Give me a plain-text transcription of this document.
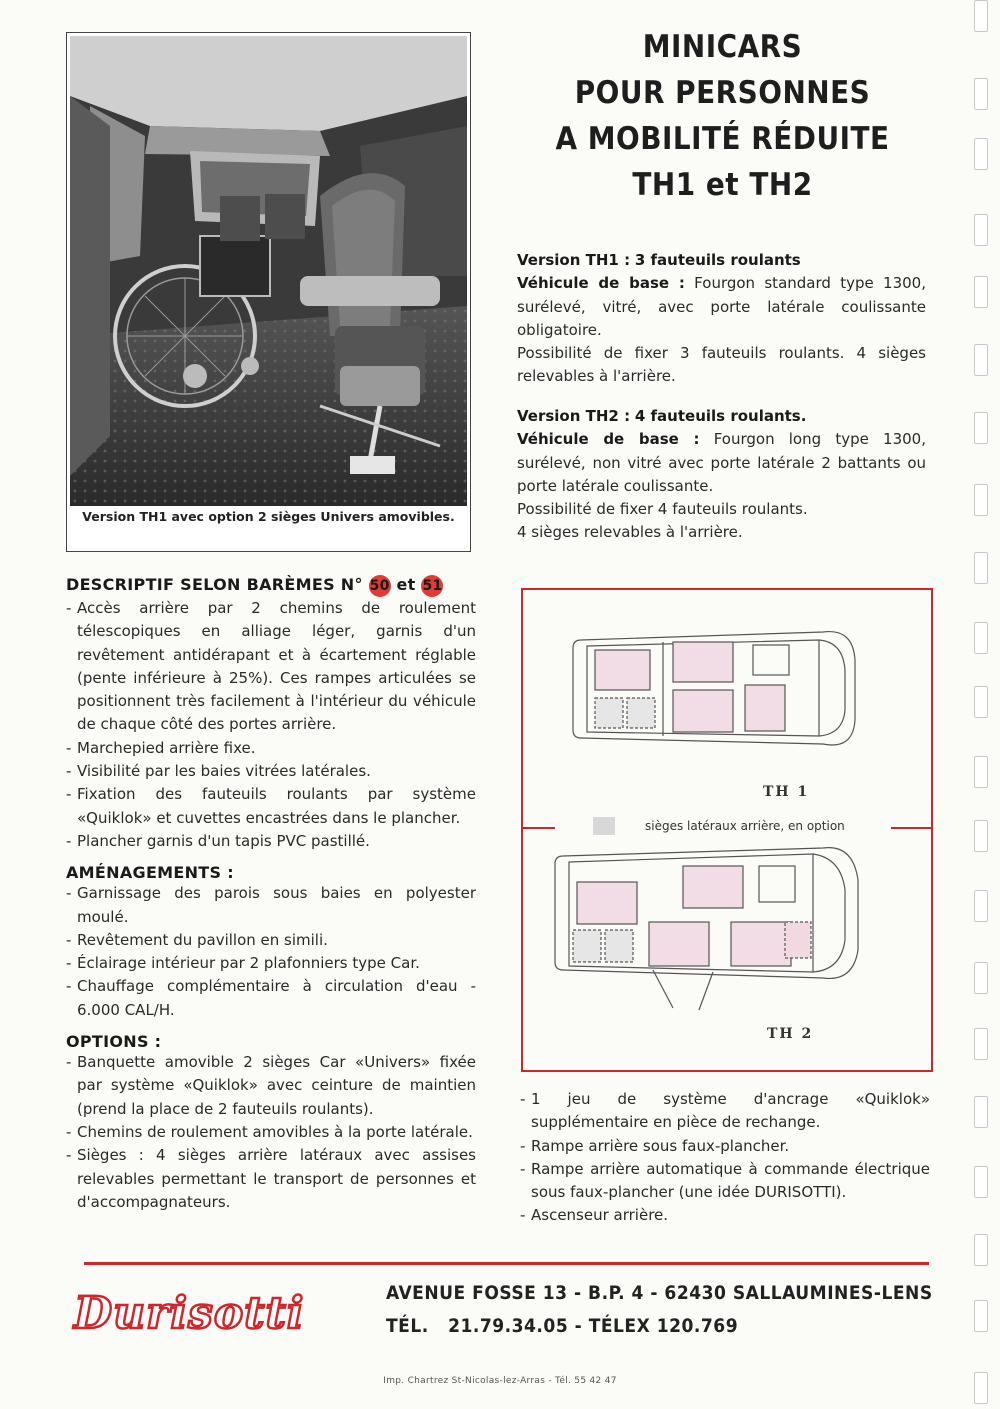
Version TH1 avec option 2 sièges Univers amovibles.
MINICARS
POUR PERSONNES
A MOBILITÉ RÉDUITE
TH1 et TH2
Version TH1 : 3 fauteuils roulants
Véhicule de base : Fourgon standard type 1300, surélevé, vitré, avec porte latérale coulissante obligatoire.
Possibilité de fixer 3 fauteuils roulants. 4 sièges relevables à l'arrière.
Version TH2 : 4 fauteuils roulants.
Véhicule de base : Fourgon long type 1300, surélevé, non vitré avec porte latérale 2 battants ou porte latérale coulissante.
Possibilité de fixer 4 fauteuils roulants.
4 sièges relevables à l'arrière.
DESCRIPTIF SELON BARÈMES N° 50 et 51
- Accès arrière par 2 chemins de roulement télescopiques en alliage léger, garnis d'un revêtement antidérapant et à écartement réglable (pente inférieure à 25%). Ces rampes articulées se positionnent très facilement à l'intérieur du véhicule de chaque côté des portes arrière.
- Marchepied arrière fixe.
- Visibilité par les baies vitrées latérales.
- Fixation des fauteuils roulants par système «Quiklok» et cuvettes encastrées dans le plancher.
- Plancher garnis d'un tapis PVC pastillé.
AMÉNAGEMENTS :
- Garnissage des parois sous baies en polyester moulé.
- Revêtement du pavillon en simili.
- Éclairage intérieur par 2 plafonniers type Car.
- Chauffage complémentaire à circulation d'eau - 6.000 CAL/H.
OPTIONS :
- Banquette amovible 2 sièges Car «Univers» fixée par système «Quiklok» avec ceinture de maintien (prend la place de 2 fauteuils roulants).
- Chemins de roulement amovibles à la porte latérale.
- Sièges : 4 sièges arrière latéraux avec assises relevables permettant le transport de personnes et d'accompagnateurs.
TH 1
sièges latéraux arrière, en option
TH 2
- 1 jeu de système d'ancrage «Quiklok» supplémentaire en pièce de rechange.
- Rampe arrière sous faux-plancher.
- Rampe arrière automatique à commande électrique sous faux-plancher (une idée DURISOTTI).
- Ascenseur arrière.
Durisotti	AVENUE FOSSE 13 - B.P. 4 - 62430 SALLAUMINES-LENS
TÉL. 21.79.34.05 - TÉLEX 120.769
Imp. Chartrez St-Nicolas-lez-Arras - Tél. 55 42 47
